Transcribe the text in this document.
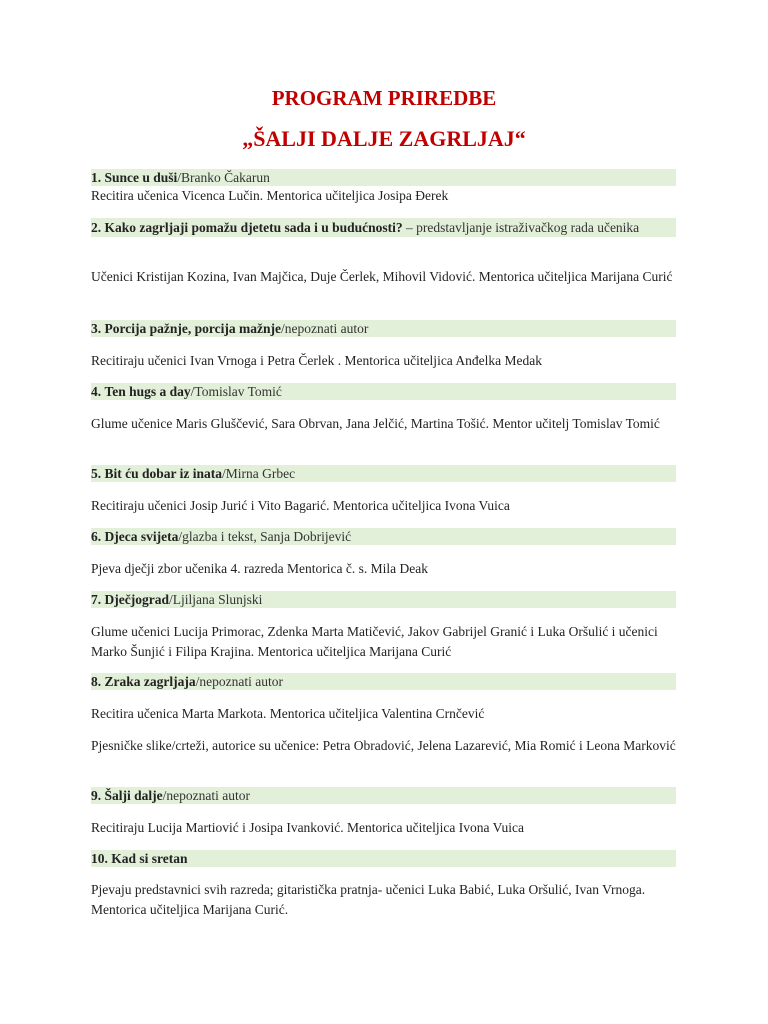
PROGRAM PRIREDBE
„ŠALJI DALJE ZAGRLJAJ“
1. Sunce u duši/Branko Čakarun

Recitira učenica Vicenca Lučin. Mentorica učiteljica Josipa Đerek

2. Kako zagrljaji pomažu djetetu sada i u budućnosti? – predstavljanje istraživačkog rada učenika

Učenici Kristijan Kozina, Ivan Majčica, Duje Čerlek, Mihovil Vidović. Mentorica učiteljica Marijana Curić

3. Porcija pažnje, porcija mažnje/nepoznati autor

Recitiraju učenici Ivan Vrnoga i Petra Čerlek . Mentorica učiteljica Anđelka Medak

4. Ten hugs a day/Tomislav Tomić

Glume učenice Maris Gluščević, Sara Obrvan, Jana Jelčić, Martina Tošić. Mentor učitelj Tomislav Tomić

5. Bit ću dobar iz inata/Mirna Grbec

Recitiraju učenici Josip Jurić i Vito Bagarić. Mentorica učiteljica Ivona Vuica

6. Djeca svijeta/glazba i tekst, Sanja Dobrijević

Pjeva dječji zbor učenika 4. razreda Mentorica č. s. Mila Deak

7. Dječjograd/Ljiljana Slunjski

Glume učenici Lucija Primorac, Zdenka Marta Matičević, Jakov Gabrijel Granić i Luka Oršulić i učenici Marko Šunjić i Filipa Krajina. Mentorica učiteljica Marijana Curić

8. Zraka zagrljaja/nepoznati autor

Recitira učenica Marta Markota. Mentorica učiteljica Valentina Crnčević

Pjesničke slike/crteži, autorice su učenice: Petra Obradović, Jelena Lazarević, Mia Romić i Leona Marković

9. Šalji dalje/nepoznati autor

Recitiraju Lucija Martiović i Josipa Ivanković. Mentorica učiteljica Ivona Vuica

10. Kad si sretan

Pjevaju predstavnici svih razreda; gitaristička pratnja- učenici Luka Babić, Luka Oršulić, Ivan Vrnoga. Mentorica učiteljica Marijana Curić.
